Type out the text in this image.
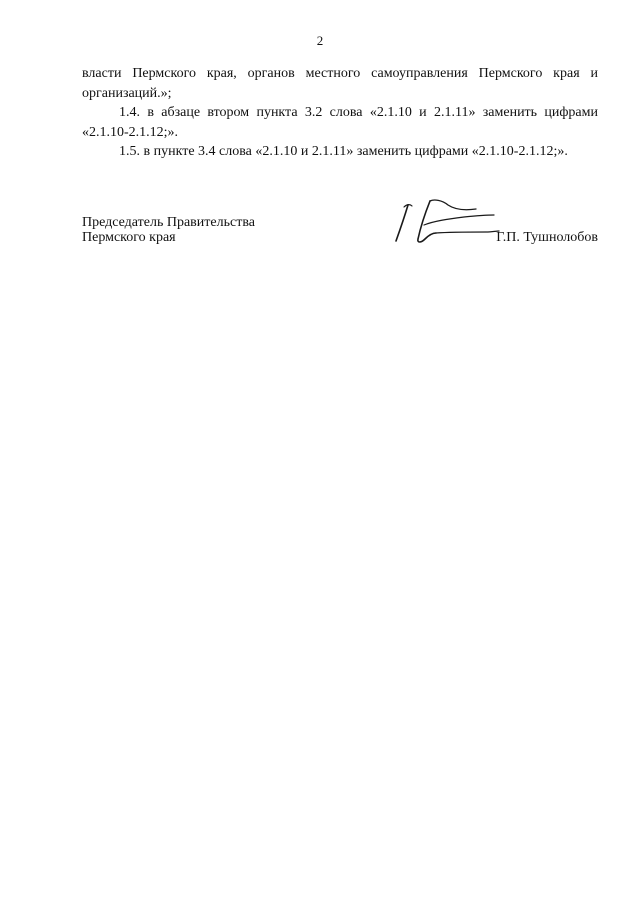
2

власти Пермского края, органов местного самоуправления Пермского края и организаций.»;

1.4. в абзаце втором пункта 3.2 слова «2.1.10 и 2.1.11» заменить цифрами «2.1.10-2.1.12;».

1.5. в пункте 3.4 слова «2.1.10 и 2.1.11» заменить цифрами «2.1.10-2.1.12;».

Председатель Правительства
Пермского края	Г.П. Тушнолобов
